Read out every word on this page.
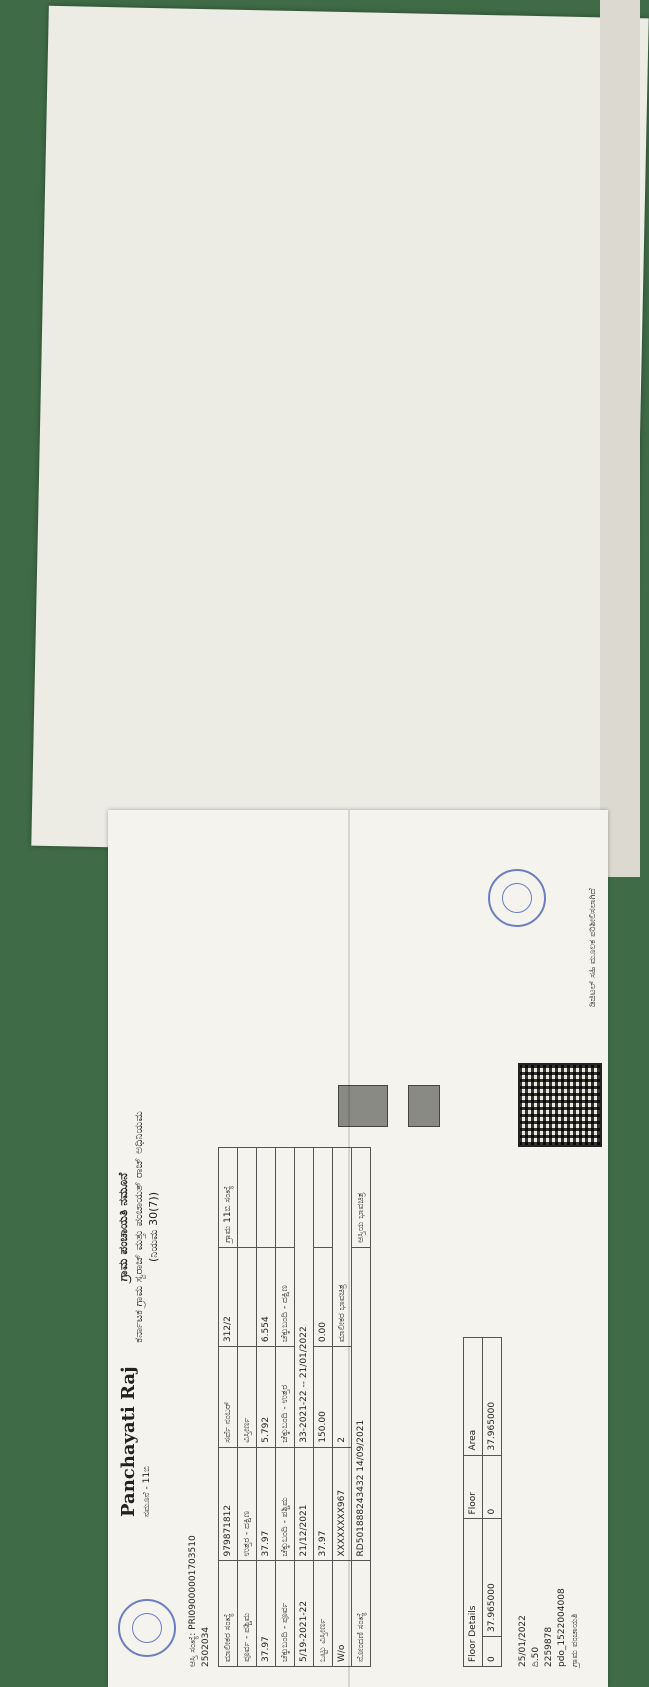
Panchayati Raj ನಮೂನೆ - 11ಬಿ
ಗ್ರಾಮ ಪಂಚಾಯತಿ ನಮೂನೆ ಕರ್ನಾಟಕ ಗ್ರಾಮ ಸ್ವರಾಜ್ ಮತ್ತು ಪಂಚಾಯತ್ ರಾಜ್ ಅಧಿನಿಯಮ (ನಿಯಮ 30(7))
ಆಸ್ತಿ ಸಂಖ್ಯೆ: PRI09000001703510
2502034 ಮಾಲೀಕರ ಸಂಖ್ಯೆ	979871812	ಸರ್ವೆ ನಂಬರ್	312/2	ಗ್ರಾಮ 11ಬಿ ಸಂಖ್ಯೆ
ಪೂರ್ವ - ಪಶ್ಚಿಮ	ಉತ್ತರ - ದಕ್ಷಿಣ	ವಿಸ್ತೀರ್ಣ		
37.97	37.97	5.792	6.554	
ಚೆಕ್ಕುಬಂದಿ - ಪೂರ್ವ	ಚೆಕ್ಕುಬಂದಿ - ಪಶ್ಚಿಮ	ಚೆಕ್ಕುಬಂದಿ - ಉತ್ತರ	ಚೆಕ್ಕುಬಂದಿ - ದಕ್ಷಿಣ	
5/19-2021-22	21/12/2021	33-2021-22 -- 21/01/2022		
ಒಟ್ಟು ವಿಸ್ತೀರ್ಣ	37.97	150.00	0.00	
W/o	XXXXXXXX967	2	ಮಾಲೀಕರ ಭಾವಚಿತ್ರ	
ನೋಂದಣಿ ಸಂಖ್ಯೆ	RD501888243432 14/09/2021			ಆಸ್ತಿಯ ಭಾವಚಿತ್ರ
Floor Details		Floor	Area
0	37.965000	0	37.965000
25/01/2022 ದಿ.50 2259878 pdo_1522004008 ಗ್ರಾಮ ಪಂಚಾಯತಿ
ಡಿಜಿಟಲ್ ಸಹಿ ಮೂಲಕ ಪರಿಶೀಲಿಸಲಾಗಿದೆ
